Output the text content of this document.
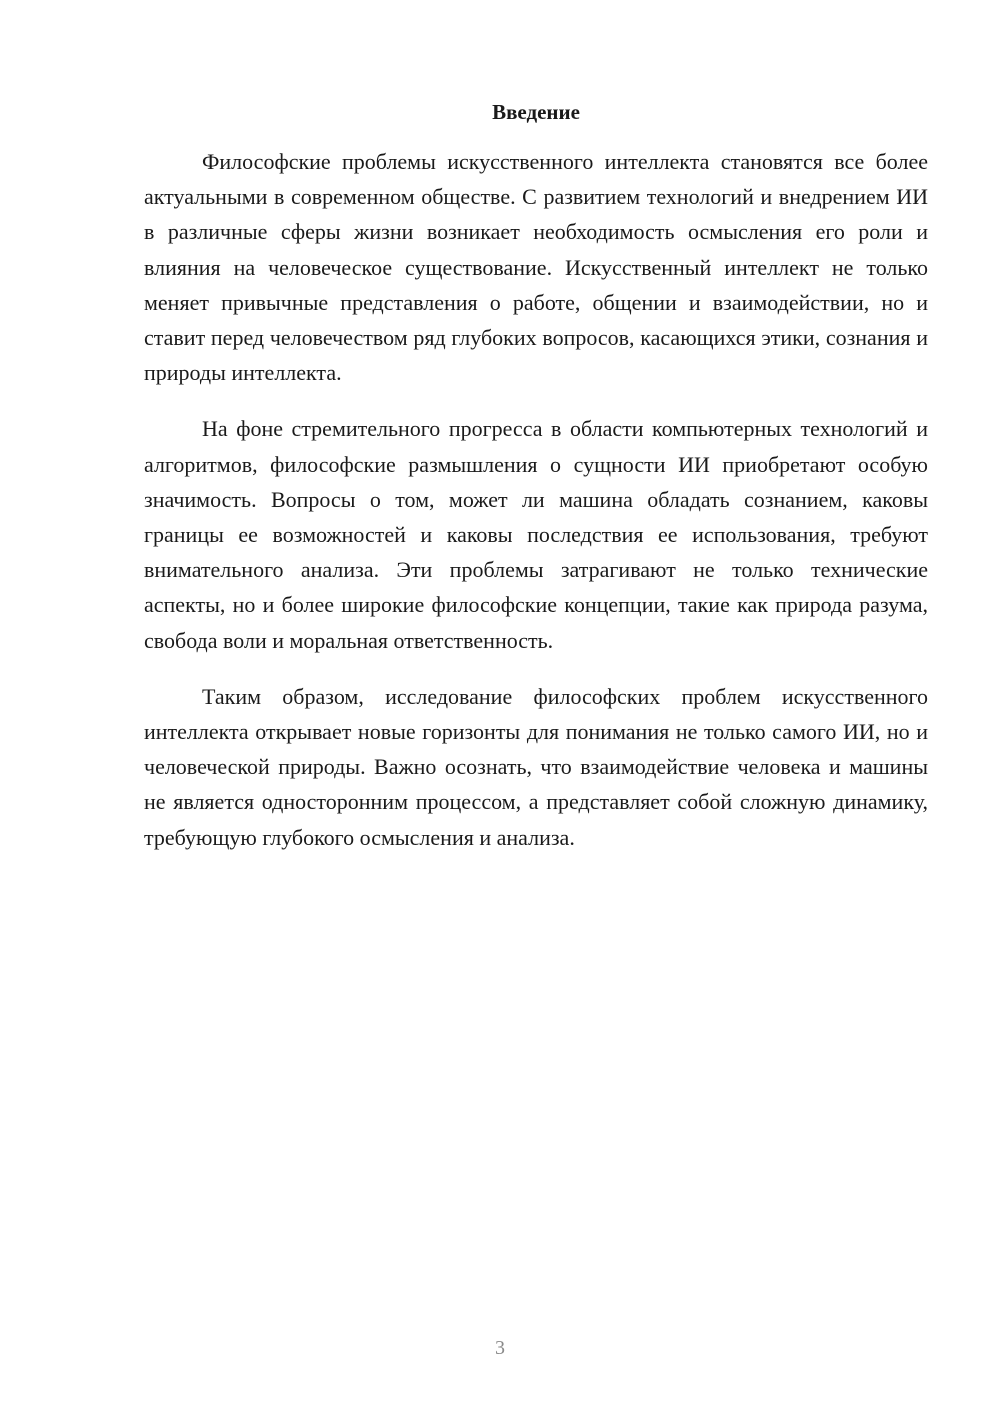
Введение

Философские проблемы искусственного интеллекта становятся все более актуальными в современном обществе. С развитием технологий и внедрением ИИ в различные сферы жизни возникает необходимость осмысления его роли и влияния на человеческое существование. Искусственный интеллект не только меняет привычные представления о работе, общении и взаимодействии, но и ставит перед человечеством ряд глубоких вопросов, касающихся этики, сознания и природы интеллекта.

На фоне стремительного прогресса в области компьютерных технологий и алгоритмов, философские размышления о сущности ИИ приобретают особую значимость. Вопросы о том, может ли машина обладать сознанием, каковы границы ее возможностей и каковы последствия ее использования, требуют внимательного анализа. Эти проблемы затрагивают не только технические аспекты, но и более широкие философские концепции, такие как природа разума, свобода воли и моральная ответственность.

Таким образом, исследование философских проблем искусственного интеллекта открывает новые горизонты для понимания не только самого ИИ, но и человеческой природы. Важно осознать, что взаимодействие человека и машины не является односторонним процессом, а представляет собой сложную динамику, требующую глубокого осмысления и анализа.

3
